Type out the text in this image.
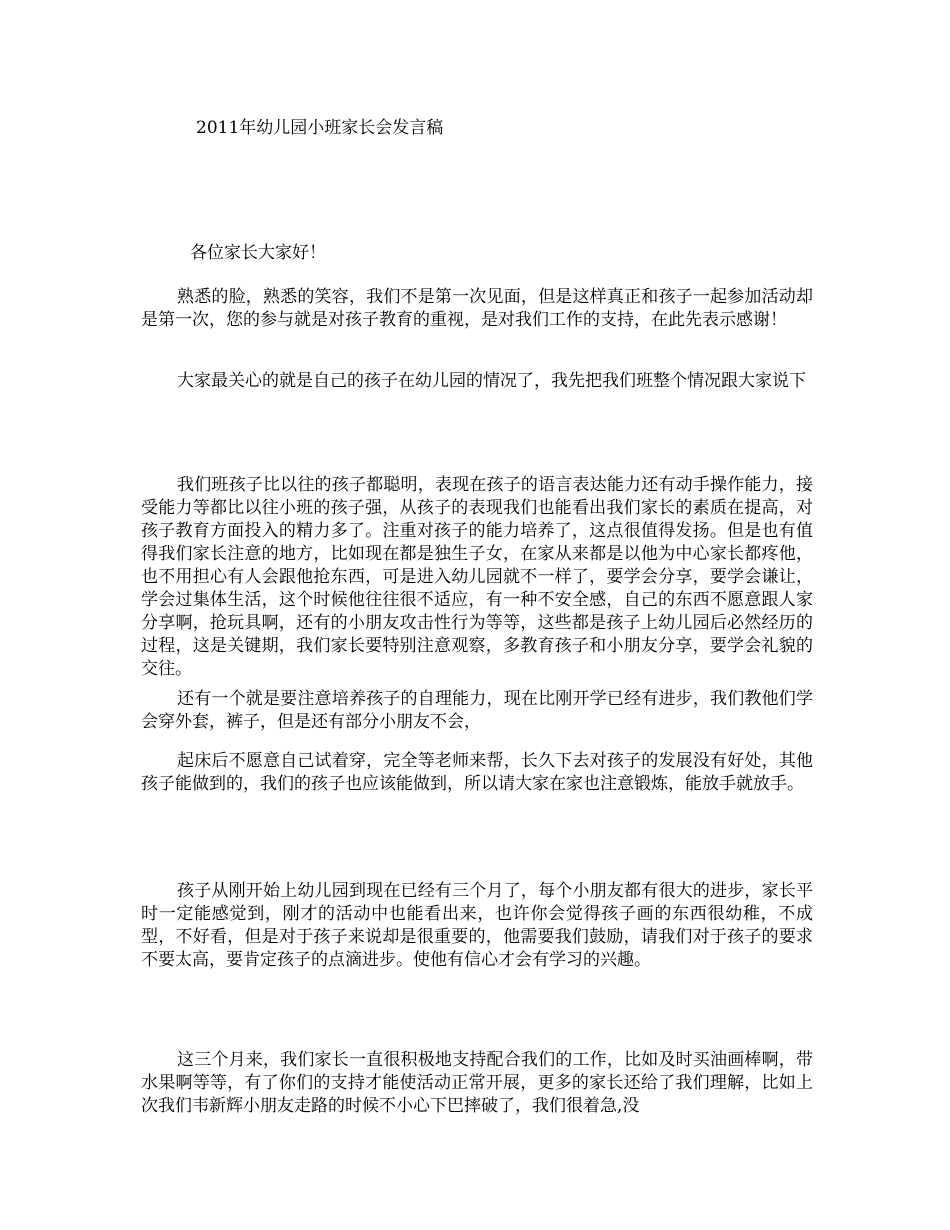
2011年幼儿园小班家长会发言稿
各位家长大家好！

熟悉的脸，熟悉的笑容，我们不是第一次见面，但是这样真正和孩子一起参加活动却是第一次，您的参与就是对孩子教育的重视，是对我们工作的支持，在此先表示感谢！

大家最关心的就是自己的孩子在幼儿园的情况了，我先把我们班整个情况跟大家说下

我们班孩子比以往的孩子都聪明，表现在孩子的语言表达能力还有动手操作能力，接受能力等都比以往小班的孩子强，从孩子的表现我们也能看出我们家长的素质在提高，对孩子教育方面投入的精力多了。注重对孩子的能力培养了，这点很值得发扬。但是也有值得我们家长注意的地方，比如现在都是独生子女，在家从来都是以他为中心家长都疼他，也不用担心有人会跟他抢东西，可是进入幼儿园就不一样了，要学会分享，要学会谦让，学会过集体生活，这个时候他往往很不适应，有一种不安全感，自己的东西不愿意跟人家分享啊，抢玩具啊，还有的小朋友攻击性行为等等，这些都是孩子上幼儿园后必然经历的过程，这是关键期，我们家长要特别注意观察，多教育孩子和小朋友分享，要学会礼貌的交往。

还有一个就是要注意培养孩子的自理能力，现在比刚开学已经有进步，我们教他们学会穿外套，裤子，但是还有部分小朋友不会，

起床后不愿意自己试着穿，完全等老师来帮，长久下去对孩子的发展没有好处，其他孩子能做到的，我们的孩子也应该能做到，所以请大家在家也注意锻炼，能放手就放手。

孩子从刚开始上幼儿园到现在已经有三个月了，每个小朋友都有很大的进步，家长平时一定能感觉到，刚才的活动中也能看出来，也许你会觉得孩子画的东西很幼稚，不成型，不好看，但是对于孩子来说却是很重要的，他需要我们鼓励，请我们对于孩子的要求不要太高，要肯定孩子的点滴进步。使他有信心才会有学习的兴趣。

这三个月来，我们家长一直很积极地支持配合我们的工作，比如及时买油画棒啊，带水果啊等等，有了你们的支持才能使活动正常开展，更多的家长还给了我们理解，比如上次我们韦新辉小朋友走路的时候不小心下巴摔破了，我们很着急,没
